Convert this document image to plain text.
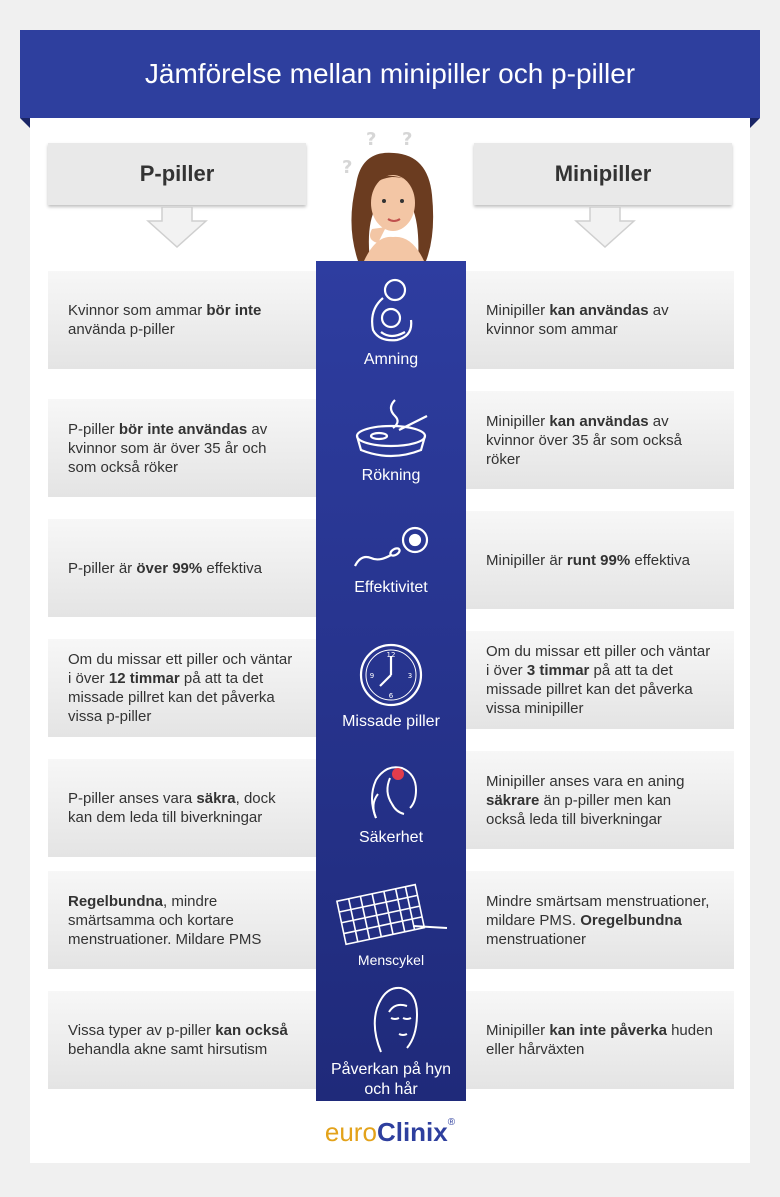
Jämförelse mellan minipiller och p-piller
P-piller	Minipiller
? ?
?
Kvinnor som ammar bör inte använda p-piller
Minipiller kan användas av kvinnor som ammar
Amning
P-piller bör inte användas av kvinnor som är över 35 år och som också röker
Minipiller kan användas av kvinnor över 35 år som också röker
Rökning
P-piller är över 99% effektiva	Minipiller är runt 99% effektiva
Effektivitet
Om du missar ett piller och väntar i över 12 timmar på att ta det missade pillret kan det påverka vissa p-piller
Om du missar ett piller och väntar i över 3 timmar på att ta det missade pillret kan det påverka vissa minipiller
12
3
6
9
Missade piller
P-piller anses vara säkra, dock kan dem leda till biverkningar
Minipiller anses vara en aning säkrare än p-piller men kan också leda till biverkningar
Säkerhet
Regelbundna, mindre smärtsamma och kortare menstruationer. Mildare PMS
Mindre smärtsam menstruationer, mildare PMS. Oregelbundna menstruationer
Menscykel
Vissa typer av p-piller kan också behandla akne samt hirsutism
Minipiller kan inte påverka huden eller hårväxten
Påverkan på hyn och hår
euroClinix®
